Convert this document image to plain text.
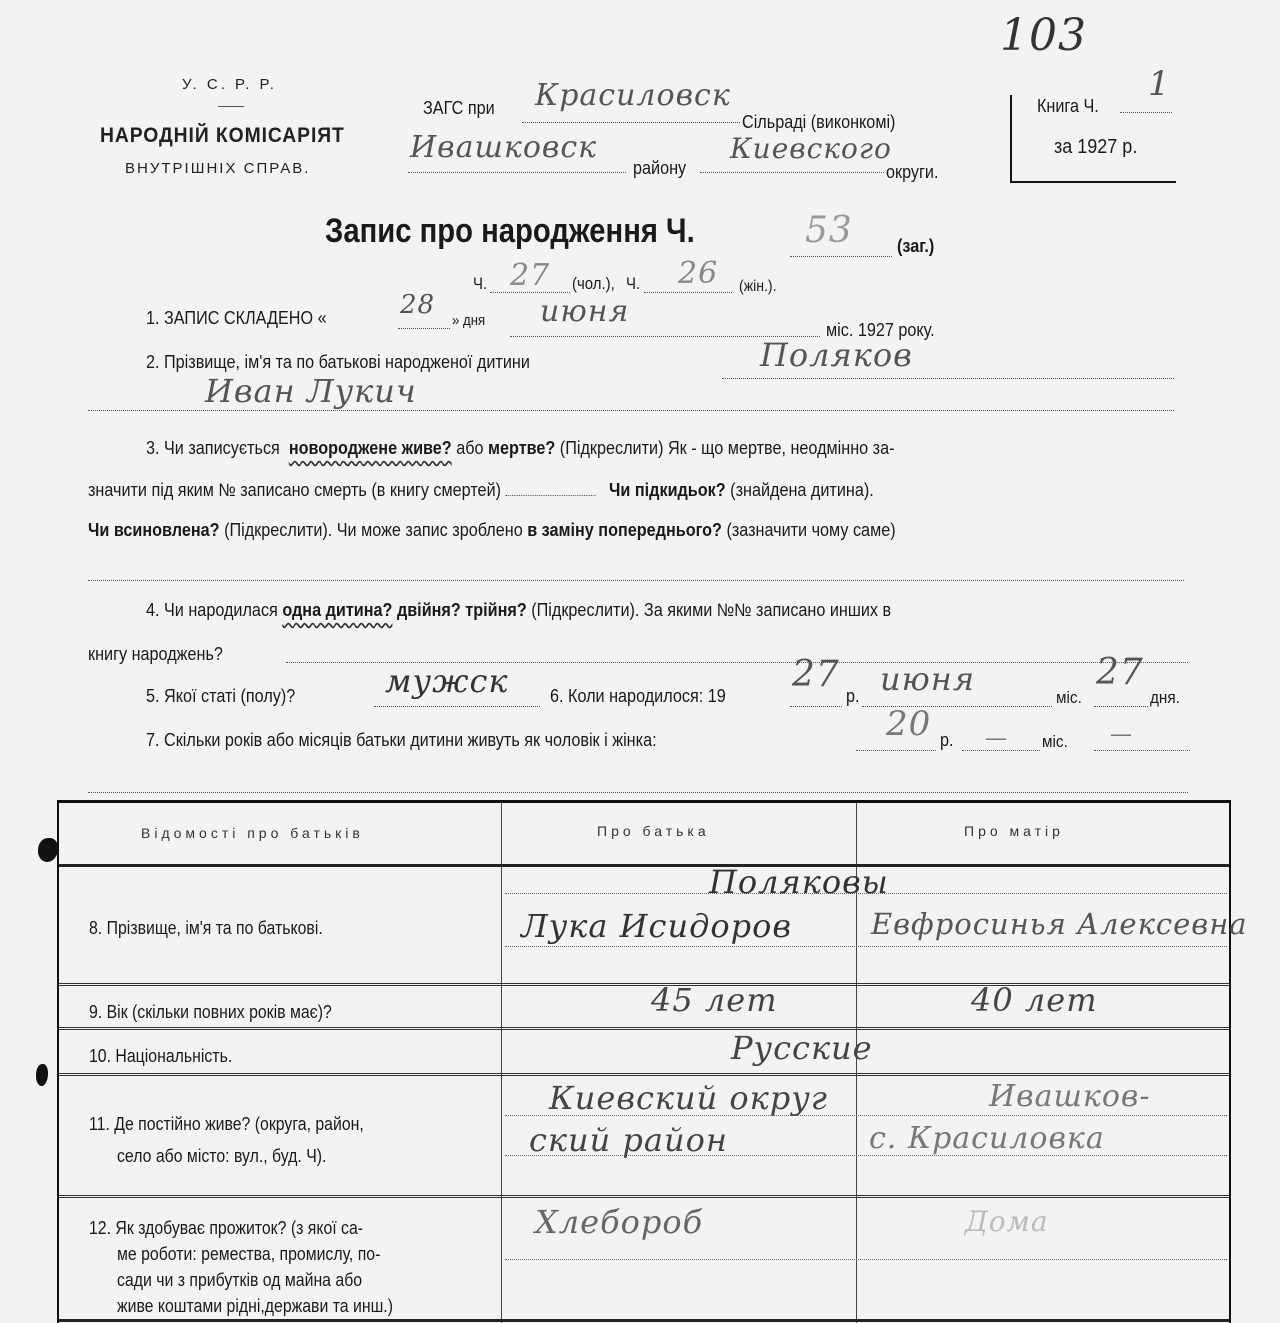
103
У. С. Р. Р.
НАРОДНІЙ КОМІСАРІЯТ
ВНУТРІШНІХ СПРАВ.
ЗАГС при Красиловск
Сільраді (виконкомі)
Ивашковск
району
Киевского
округи.
Книга Ч.
1
за 1927 р.
Запис про народження Ч.	53 (заг.)
Ч. 27 (чол.), Ч. 26 (жін.).
1. ЗАПИС СКЛАДЕНО «	28
» дня июня
міс. 1927 року.
2. Прізвище, ім'я та по батькові народженої дитини	Поляков
Иван Лукич
3. Чи записується новороджене живе? або мертве? (Підкреслити) Як - що мертве, неодмінно за-
значити під яким № записано смерть (в книгу смертей)	Чи підкидьок? (знайдена дитина).
Чи всиновлена? (Підкреслити). Чи може запис зроблено в заміну попереднього? (зазначити чому саме)
4. Чи народилася одна дитина? двійня? трійня? (Підкреслити). За якими №№ записано инших в
книгу народжень?
5. Якої статі (полу)?	мужск 6. Коли народилося: 19
27
р. июня	міс.
27
дня.
7. Скільки років або місяців батьки дитини живуть як чоловік і жінка:	20 р. — міс. —
Відомості про батьків	Про батька	Про матір
8. Прізвище, ім'я та по батькові.
Поляковы
Лука Исидоров	Евфросинья Алексевна
9. Вік (скільки повних років має)?	45 лет	40 лет
10. Національність.	Русские
11. Де постійно живе? (округа, район,
село або місто: вул., буд. Ч).
Киевский округ	Ивашков-
ский район	с. Красиловка
12. Як здобуває прожиток? (з якої са-
ме роботи: ремества, промислу, по-
сади чи з прибутків од майна або
живе коштами рідні,держави та инш.)
Хлебороб	Дома
